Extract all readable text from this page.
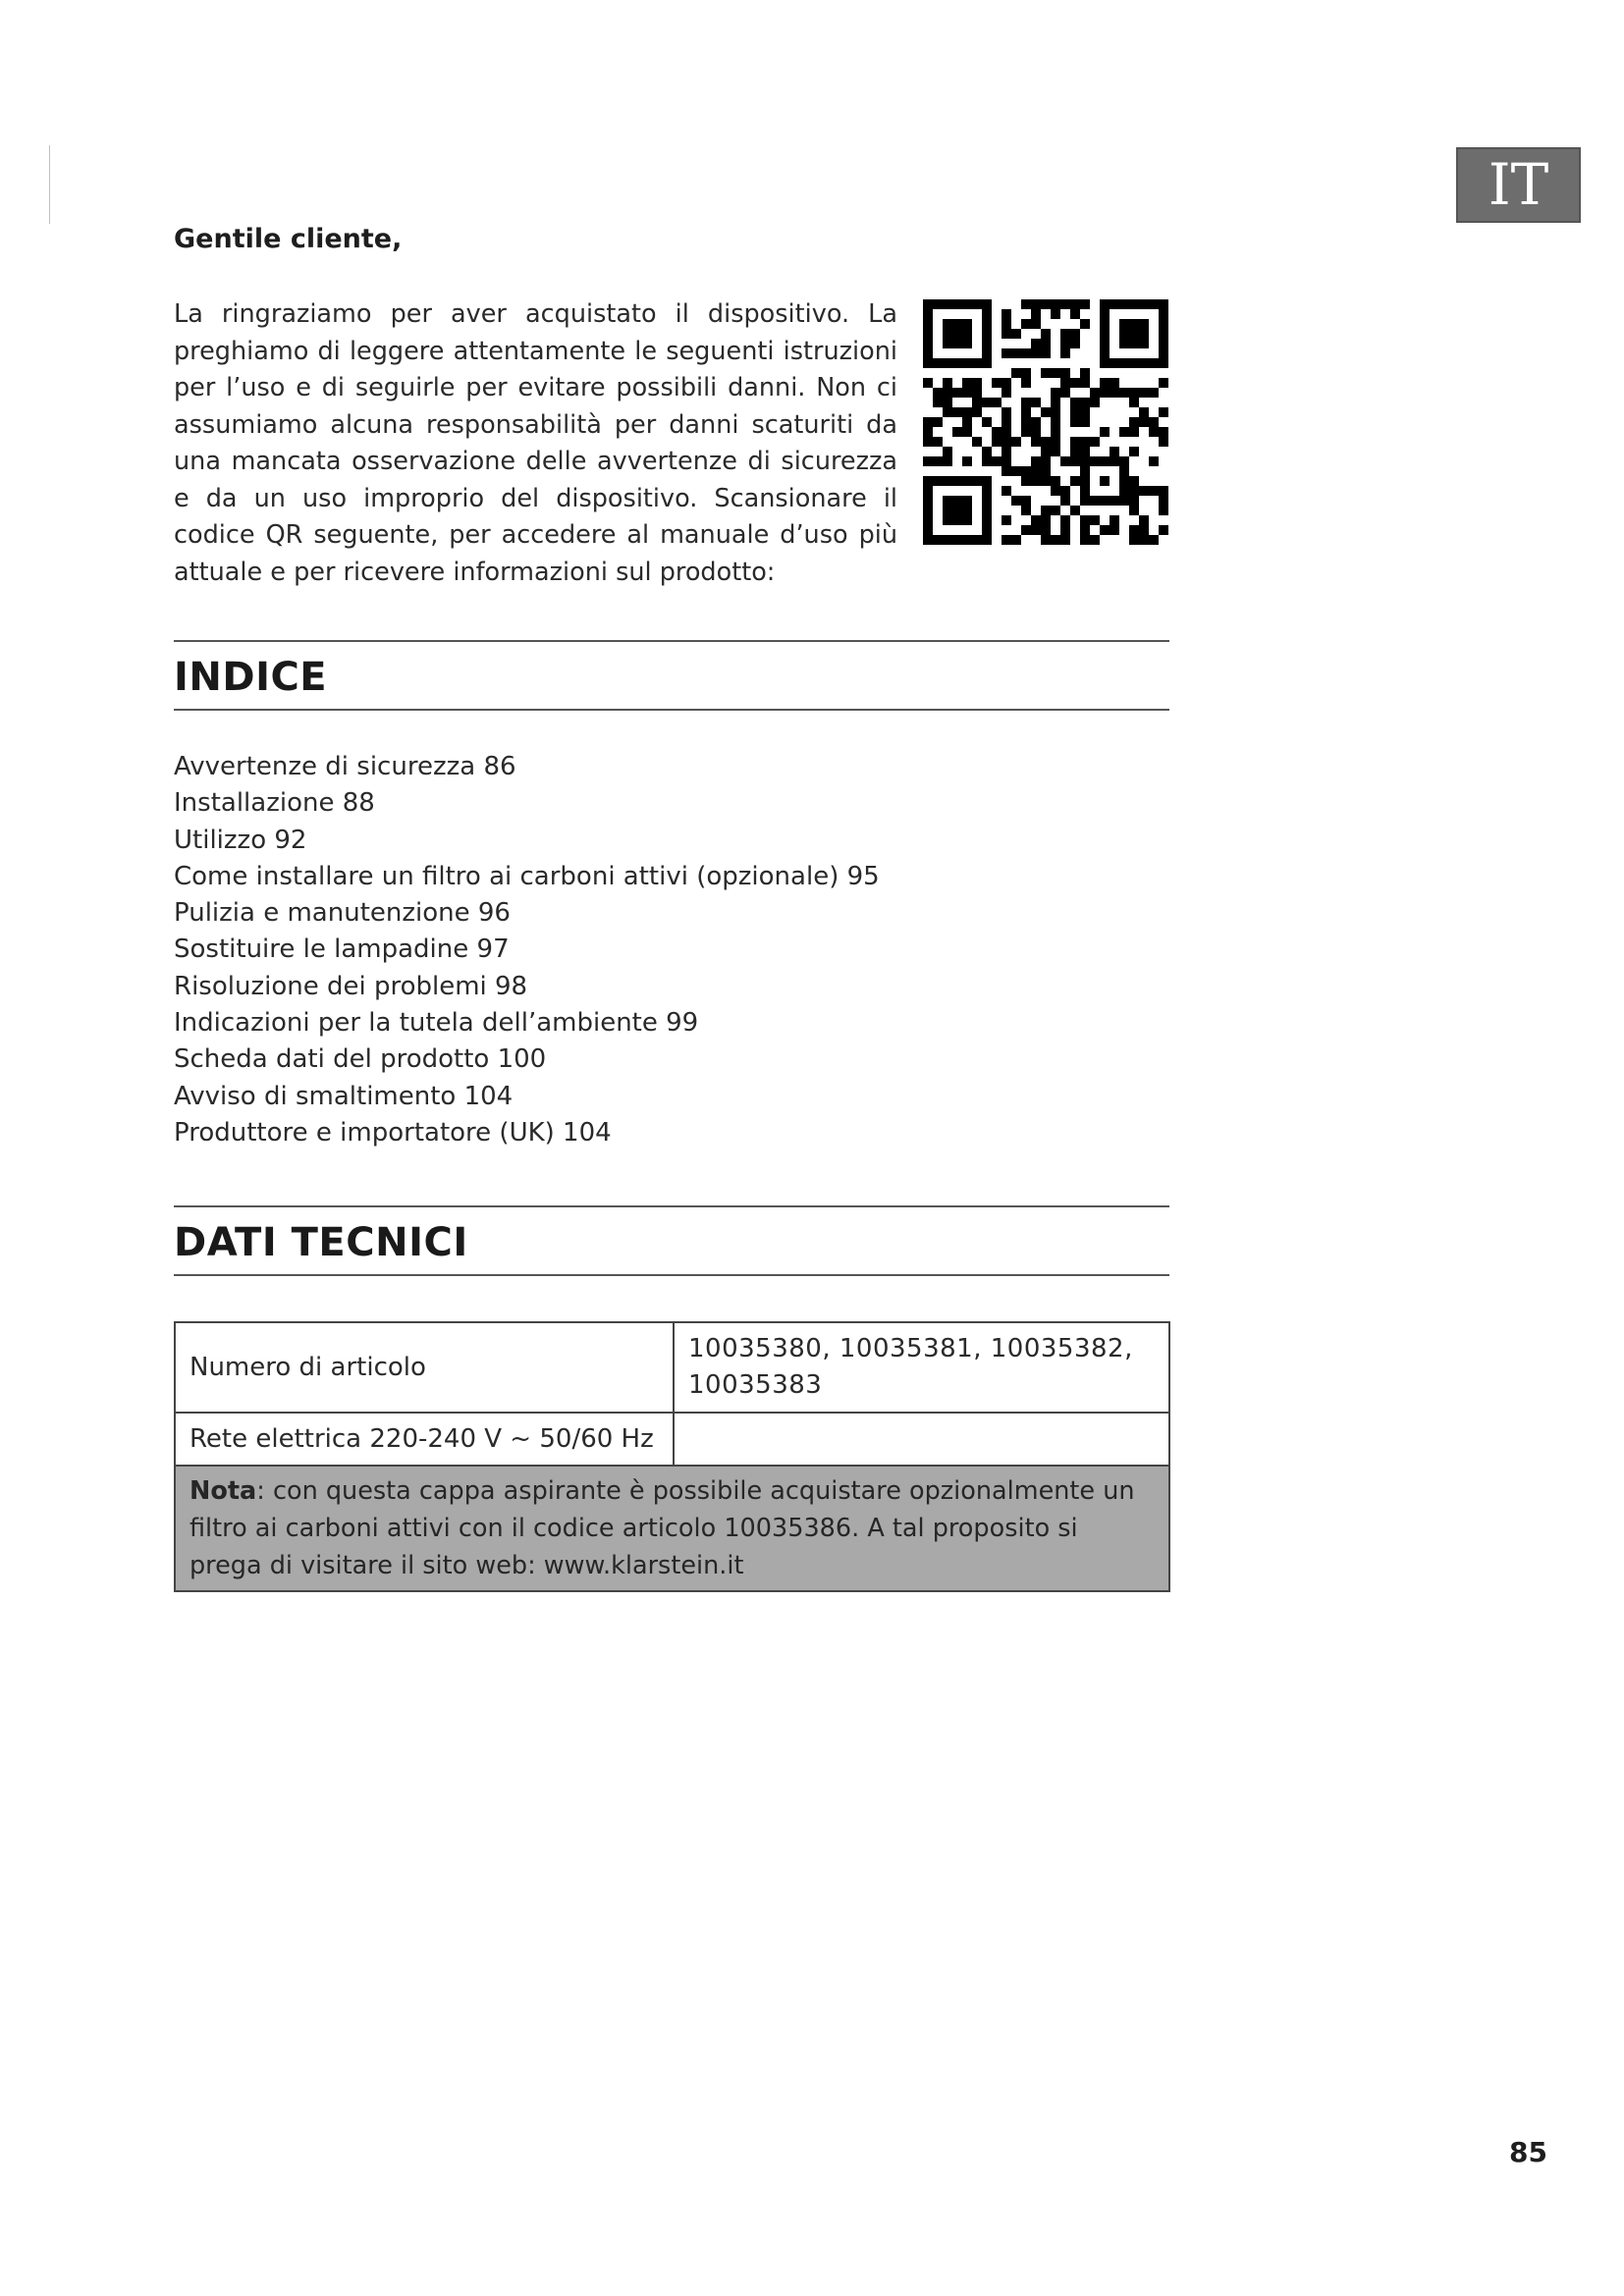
IT
Gentile cliente,

La ringraziamo per aver acquistato il dispositivo. La preghiamo di leggere attentamente le seguenti istruzioni per l’uso e di seguirle per evitare possibili danni. Non ci assumiamo alcuna responsabilità per danni scaturiti da una mancata osservazione delle avvertenze di sicurezza e da un uso improprio del dispositivo. Scansionare il codice QR seguente, per accedere al manuale d’uso più attuale e per ricevere informazioni sul prodotto:

INDICE
Avvertenze di sicurezza 86
Installazione 88
Utilizzo 92
Come installare un filtro ai carboni attivi (opzionale) 95
Pulizia e manutenzione 96
Sostituire le lampadine 97
Risoluzione dei problemi 98
Indicazioni per la tutela dell’ambiente 99
Scheda dati del prodotto 100
Avviso di smaltimento 104
Produttore e importatore (UK) 104
DATI TECNICI
Numero di articolo	10035380, 10035381, 10035382, 10035383
Rete elettrica 220-240 V ~ 50/60 Hz	
Nota: con questa cappa aspirante è possibile acquistare opzionalmente un filtro ai carboni attivi con il codice articolo 10035386. A tal proposito si prega di visitare il sito web: www.klarstein.it	
85
